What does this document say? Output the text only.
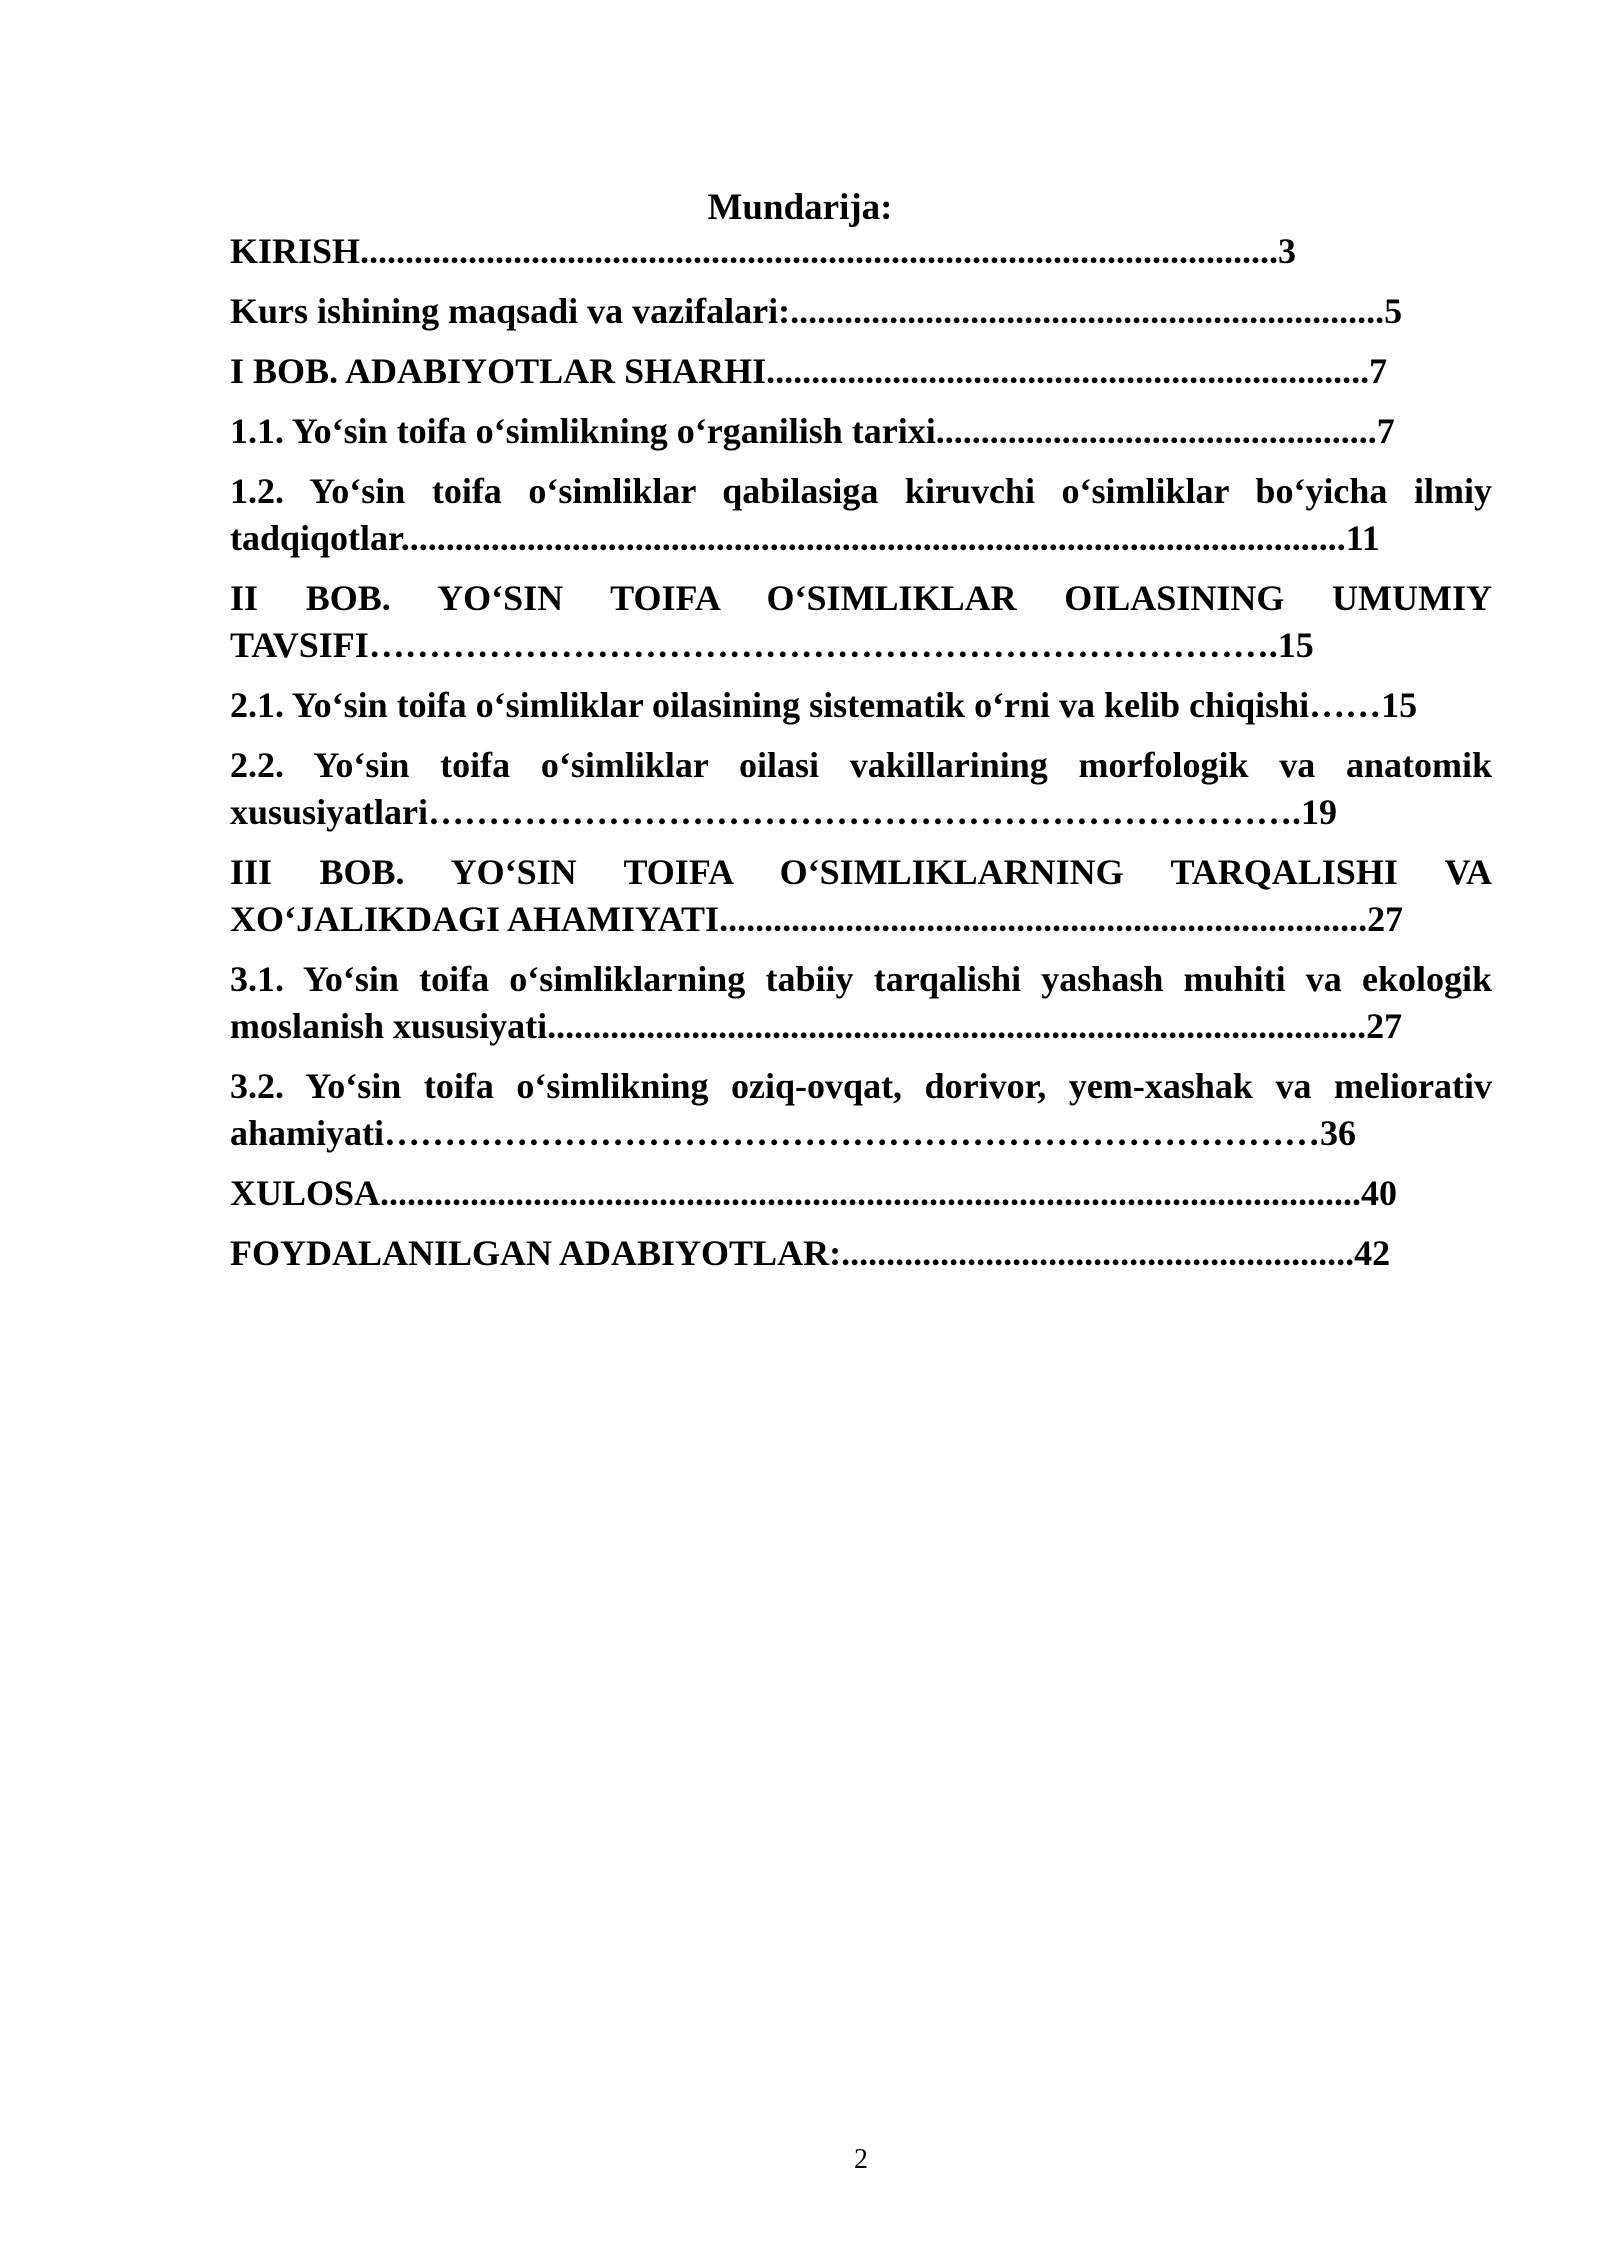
Mundarija:

KIRISH......................................................................................................3

Kurs ishining maqsadi va vazifalari:..................................................................5

I BOB. ADABIYOTLAR SHARHI...................................................................7

1.1. Yo‘sin toifa o‘simlikning o‘rganilish tarixi.................................................7

1.2. Yo‘sin toifa o‘simliklar qabilasiga kiruvchi o‘simliklar bo‘yicha ilmiy tadqiqotlar.........................................................................................................11

II BOB. YO‘SIN TOIFA O‘SIMLIKLAR OILASINING UMUMIY TAVSIFI………………………………………………………………….15

2.1. Yo‘sin toifa o‘simliklar oilasining sistematik o‘rni va kelib chiqishi……15

2.2. Yo‘sin toifa o‘simliklar oilasi vakillarining morfologik va anatomik xususiyatlari……………………………………………………………….19

III BOB. YO‘SIN TOIFA O‘SIMLIKLARNING TARQALISHI VA XO‘JALIKDAGI AHAMIYATI........................................................................27

3.1. Yo‘sin toifa o‘simliklarning tabiiy tarqalishi yashash muhiti va ekologik moslanish xususiyati...........................................................................................27

3.2. Yo‘sin toifa o‘simlikning oziq-ovqat, dorivor, yem-xashak va meliorativ ahamiyati……………………………………………………………………36

XULOSA.............................................................................................................40

FOYDALANILGAN ADABIYOTLAR:.........................................................42

2
